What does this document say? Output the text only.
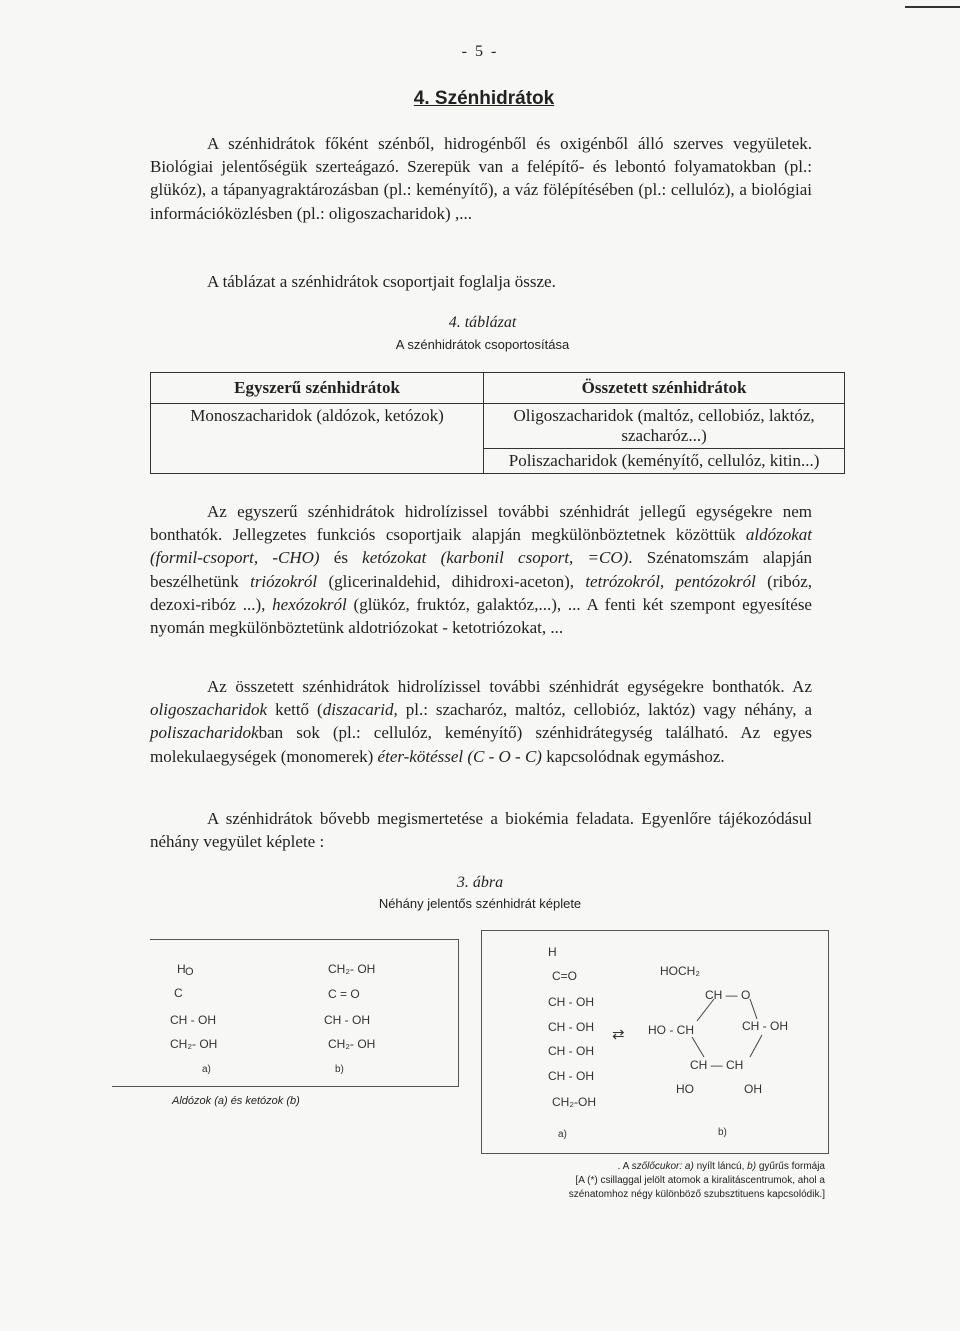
- 5 -
4. Szénhidrátok

A szénhidrátok főként szénből, hidrogénből és oxigénből álló szerves vegyületek. Biológiai jelentőségük szerteágazó. Szerepük van a felépítő- és lebontó folyamatokban (pl.: glükóz), a tápanyagraktározásban (pl.: keményítő), a váz fölépítésében (pl.: cellulóz), a biológiai információközlésben (pl.: oligoszacharidok) ,...

A táblázat a szénhidrátok csoportjait foglalja össze.
4. táblázat
A szénhidrátok csoportosítása
Egyszerű szénhidrátok	Összetett szénhidrátok
Monoszacharidok (aldózok, ketózok)	Oligoszacharidok (maltóz, cellobióz, laktóz, szacharóz...)
	Poliszacharidok (keményítő, cellulóz, kitin...)

Az egyszerű szénhidrátok hidrolízissel további szénhidrát jellegű egységekre nem bonthatók. Jellegzetes funkciós csoportjaik alapján megkülönböztetnek közöttük aldózokat (formil-csoport, -CHO) és ketózokat (karbonil csoport, =CO). Szénatomszám alapján beszélhetünk triózokról (glicerinaldehid, dihidroxi-aceton), tetrózokról, pentózokról (ribóz, dezoxi-ribóz ...), hexózokról (glükóz, fruktóz, galaktóz,...), ... A fenti két szempont egyesítése nyomán megkülönböztetünk aldotriózokat - ketotriózokat, ...

Az összetett szénhidrátok hidrolízissel további szénhidrát egységekre bonthatók. Az oligoszacharidok kettő (diszacarid, pl.: szacharóz, maltóz, cellobióz, laktóz) vagy néhány, a poliszacharidokban sok (pl.: cellulóz, keményítő) szénhidrátegység található. Az egyes molekulaegységek (monomerek) éter-kötéssel (C - O - C) kapcsolódnak egymáshoz.

A szénhidrátok bővebb megismertetése a biokémia feladata. Egyenlőre tájékozódásul néhány vegyület képlete :

3. ábra
Néhány jelentős szénhidrát képlete
H O
C
CH - OH
CH₂- OH
a)
CH₂- OH
C = O
CH - OH
CH₂- OH
b)
Aldózok (a) és ketózok (b)
H
C=O
CH - OH
CH - OH
CH - OH
CH - OH
CH₂-OH
⇄
HOCH₂
CH — O
HO - CH	CH - OH
CH — CH
HO	OH
a)	b)
. A szőlőcukor: a) nyílt láncú, b) gyűrűs formája
[A (*) csillaggal jelölt atomok a kiralitáscentrumok, ahol a
szénatomhoz négy különböző szubsztituens kapcsolódik.]
